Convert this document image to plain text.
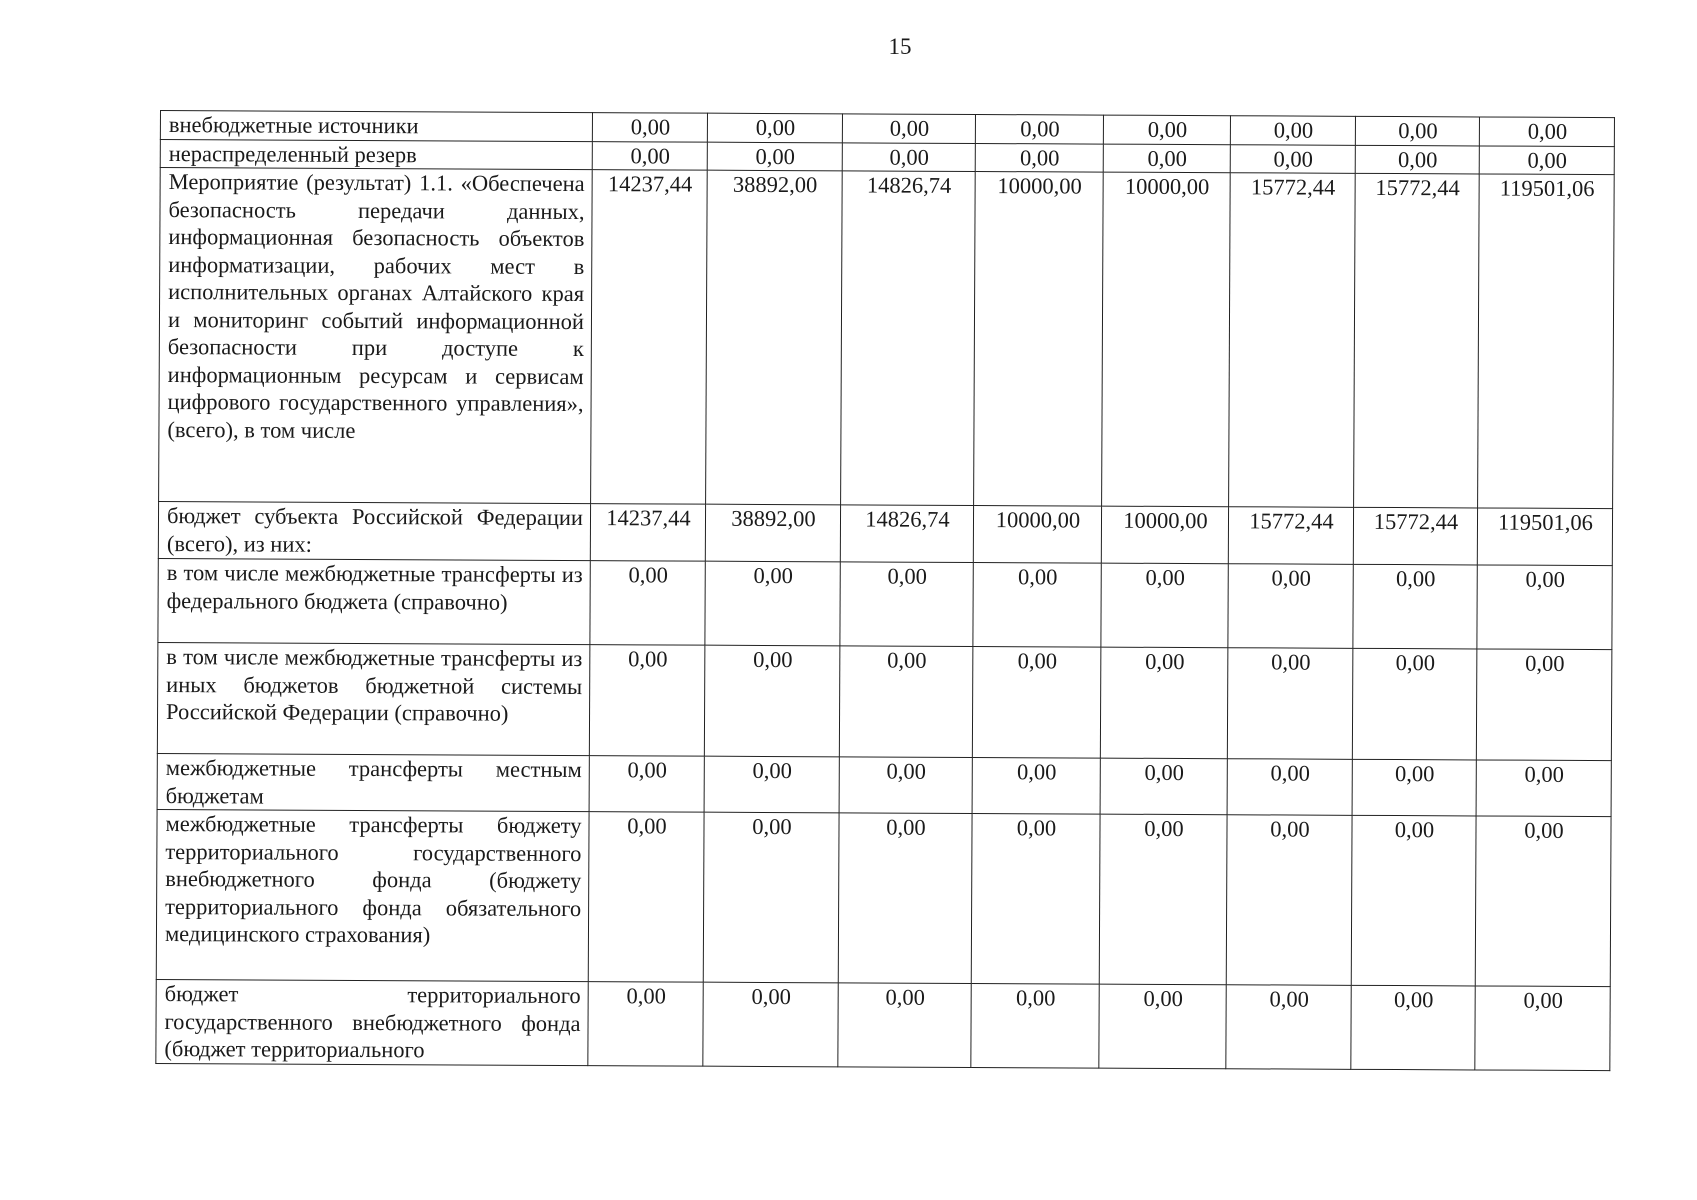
15
внебюджетные источники	0,00	0,00	0,00	0,00	0,00	0,00	0,00	0,00
нераспределенный резерв	0,00	0,00	0,00	0,00	0,00	0,00	0,00	0,00
Мероприятие (результат) 1.1. «Обеспечена безопасность передачи данных, информационная безопасность объектов информатизации, рабочих мест в исполнительных органах Алтайского края и мониторинг событий информационной безопасности при доступе к информационным ресурсам и сервисам цифрового государственного управления», (всего), в том числе	14237,44	38892,00	14826,74	10000,00	10000,00	15772,44	15772,44	119501,06
бюджет субъекта Российской Федерации (всего), из них:	14237,44	38892,00	14826,74	10000,00	10000,00	15772,44	15772,44	119501,06
в том числе межбюджетные трансферты из федерального бюджета (справочно)	0,00	0,00	0,00	0,00	0,00	0,00	0,00	0,00
в том числе межбюджетные трансферты из иных бюджетов бюджетной системы Российской Федерации (справочно)	0,00	0,00	0,00	0,00	0,00	0,00	0,00	0,00
межбюджетные трансферты местным бюджетам	0,00	0,00	0,00	0,00	0,00	0,00	0,00	0,00
межбюджетные трансферты бюджету территориального государственного внебюджетного фонда (бюджету территориального фонда обязательного медицинского страхования)	0,00	0,00	0,00	0,00	0,00	0,00	0,00	0,00
бюджет территориального государственного внебюджетного фонда (бюджет территориального	0,00	0,00	0,00	0,00	0,00	0,00	0,00	0,00
